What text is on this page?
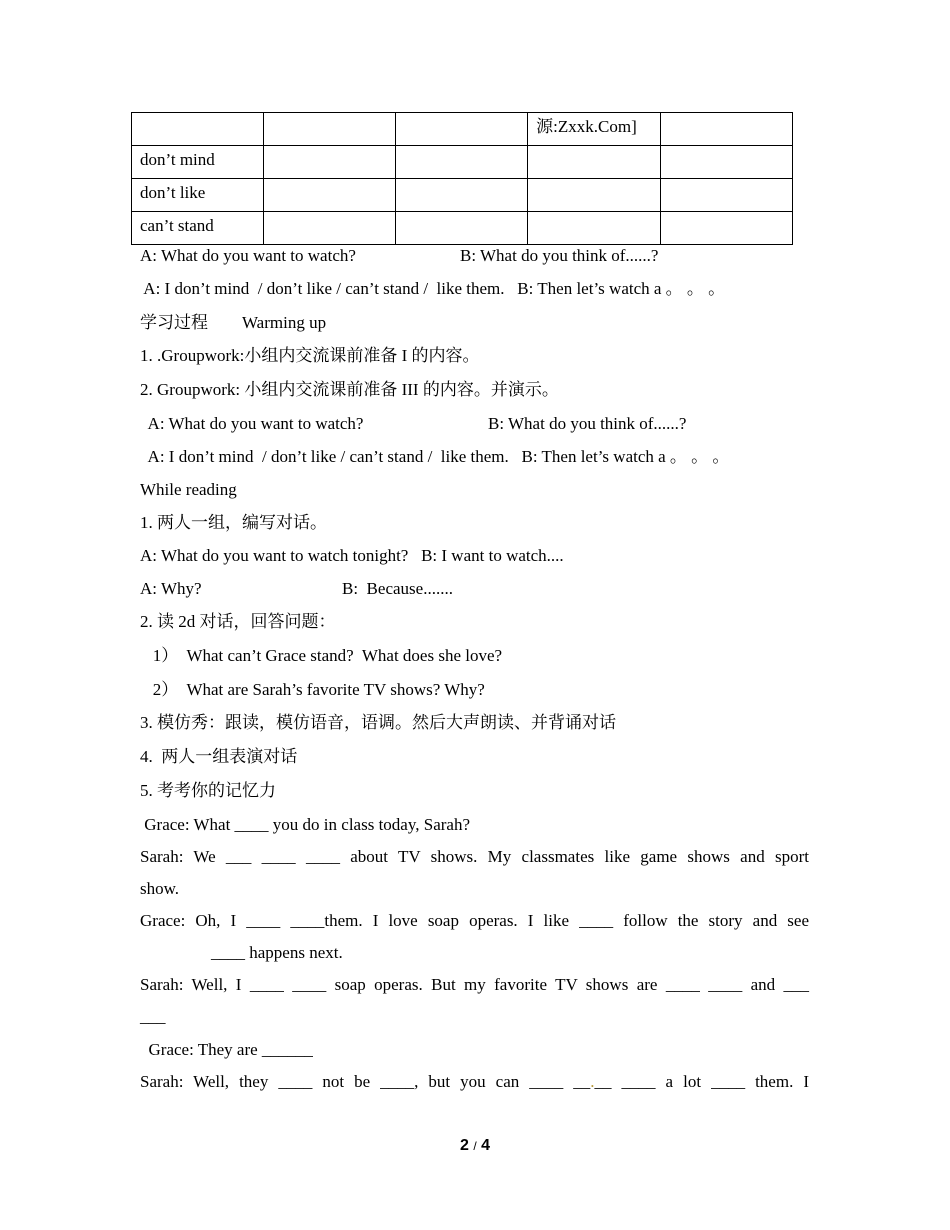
			源:Zxxk.Com]	
don’t mind				
don’t like				
can’t stand				
A: What do you want to watch?	B: What do you think of......?
A: I don’t mind  / don’t like / can’t stand /  like them.   B: Then let’s watch a 。 。 。
学习过程 Warming up
1. .Groupwork:小组内交流课前准备 I 的内容。
2. Groupwork: 小组内交流课前准备 III 的内容。并演示。
A: What do you want to watch?	B: What do you think of......?
A: I don’t mind  / don’t like / can’t stand /  like them.   B: Then let’s watch a 。 。 。
While reading
1. 两人一组，编写对话。
A: What do you want to watch tonight?   B: I want to watch....
A: Why?	B:  Because.......
2. 读 2d 对话，回答问题：
1）  What can’t Grace stand?  What does she love?
2）  What are Sarah’s favorite TV shows? Why?
3. 模仿秀：跟读，模仿语音，语调。然后大声朗读、并背诵对话
4.  两人一组表演对话
5. 考考你的记忆力
Grace: What ____ you do in class today, Sarah?
Sarah: We ___ ____ ____ about TV shows. My classmates like game shows and sport
show.
Grace: Oh, I ____ ____them. I love soap operas. I like ____ follow the story and see
____ happens next.
Sarah: Well, I ____ ____ soap operas. But my favorite TV shows are ____ ____ and ___
___
Grace: They are ______
Sarah: Well, they ____ not be ____, but you can ____ __.__ ____ a lot ____ them. I
2 / 4
